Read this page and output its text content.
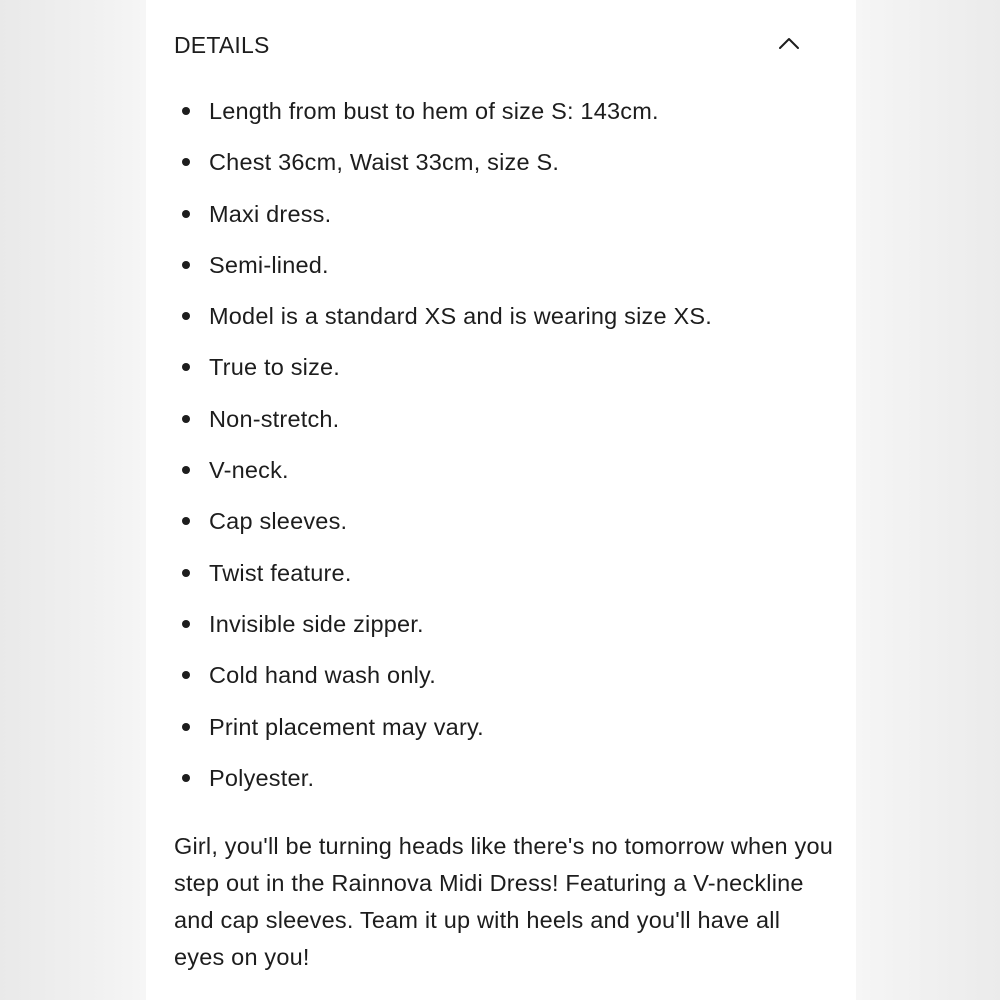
DETAILS
Length from bust to hem of size S: 143cm.
Chest 36cm, Waist 33cm, size S.
Maxi dress.
Semi-lined.
Model is a standard XS and is wearing size XS.
True to size.
Non-stretch.
V-neck.
Cap sleeves.
Twist feature.
Invisible side zipper.
Cold hand wash only.
Print placement may vary.
Polyester.

Girl, you'll be turning heads like there's no tomorrow when you step out in the Rainnova Midi Dress! Featuring a V-neckline and cap sleeves. Team it up with heels and you'll have all eyes on you!
